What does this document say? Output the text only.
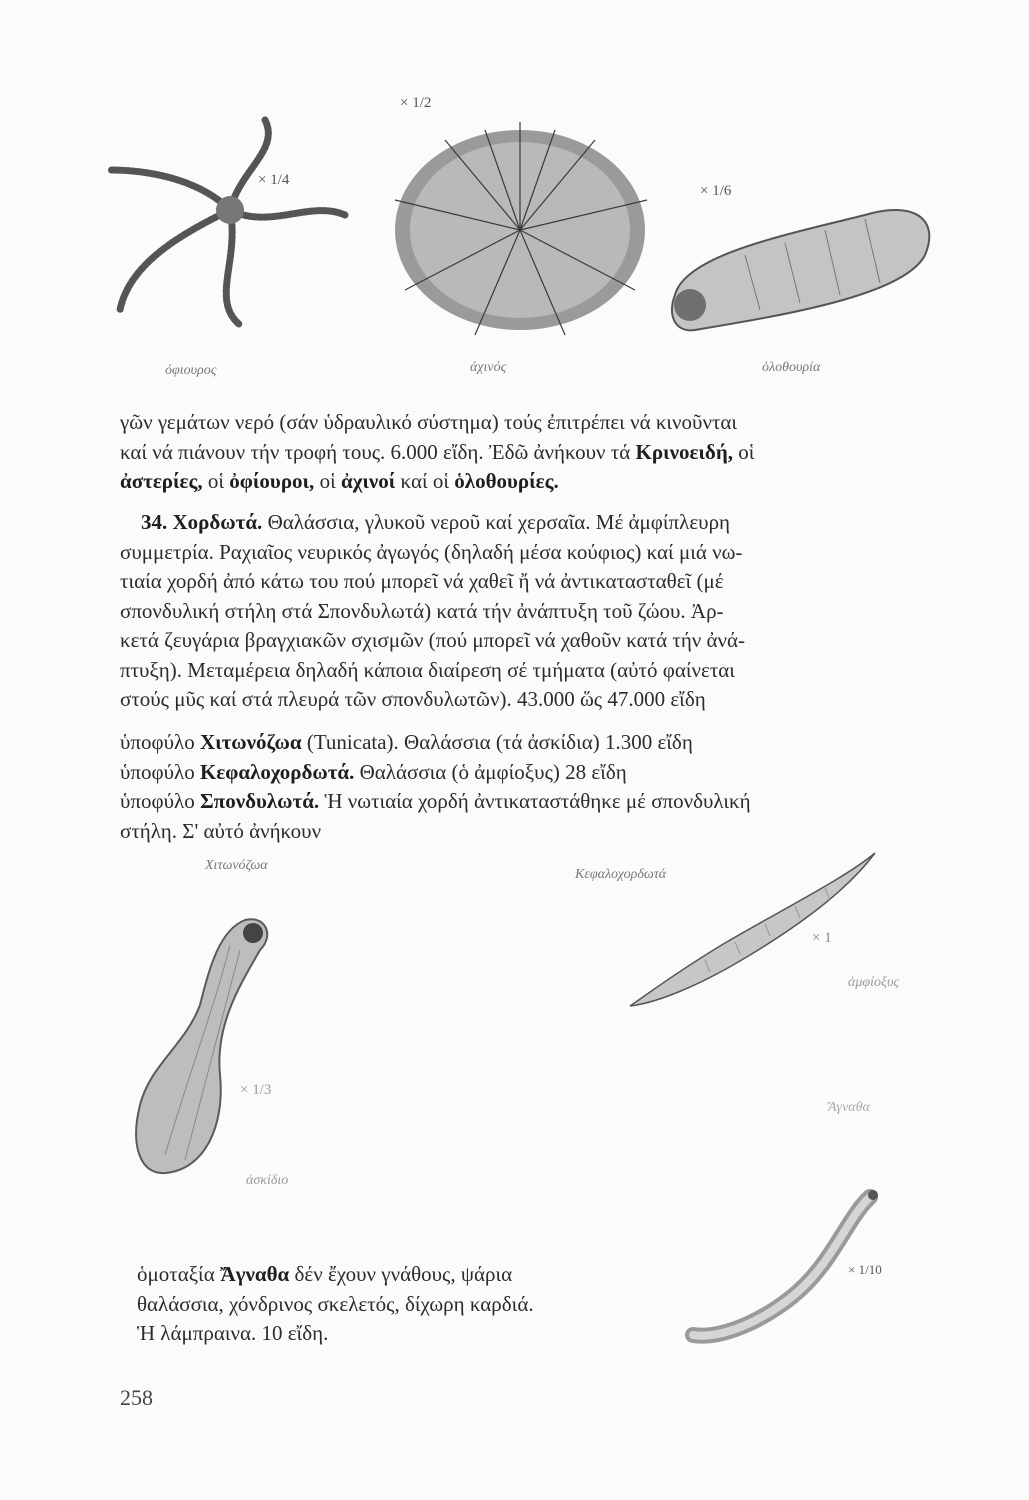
× 1/2
× 1/4
× 1/6
όφιουρος	άχινός	ὁλοθουρία

γῶν γεμάτων νερό (σάν ὑδραυλικό σύστημα) τούς ἐπιτρέπει νά κινοῦνται

καί νά πιάνουν τήν τροφή τους. 6.000 εἴδη. Ἐδῶ ἀνήκουν τά Κρινοειδή, οἱ

ἀστερίες, οἱ ὀφίουροι, οἱ ἀχινοί καί οἱ ὁλοθουρίες.

 34. Χορδωτά. Θαλάσσια, γλυκοῦ νεροῦ καί χερσαῖα. Μέ ἀμφίπλευρη

συμμετρία. Ραχιαῖος νευρικός ἀγωγός (δηλαδή μέσα κούφιος) καί μιά νω-

τιαία χορδή ἀπό κάτω του πού μπορεῖ νά χαθεῖ ἤ νά ἀντικατασταθεῖ (μέ

σπονδυλική στήλη στά Σπονδυλωτά) κατά τήν ἀνάπτυξη τοῦ ζώου. Ἀρ-

κετά ζευγάρια βραγχιακῶν σχισμῶν (πού μπορεῖ νά χαθοῦν κατά τήν ἀνά-

πτυξη). Μεταμέρεια δηλαδή κάποια διαίρεση σέ τμήματα (αὐτό φαίνεται

στούς μῦς καί στά πλευρά τῶν σπονδυλωτῶν). 43.000 ὥς 47.000 εἴδη

ὑποφύλο Χιτωνόζωα (Tunicata). Θαλάσσια (τά ἀσκίδια) 1.300 εἴδη

ὑποφύλο Κεφαλοχορδωτά. Θαλάσσια (ὁ ἀμφίοξυς) 28 εἴδη

ὑποφύλο Σπονδυλωτά. Ἡ νωτιαία χορδή ἀντικαταστάθηκε μέ σπονδυλική

στήλη. Σ' αὐτό ἀνήκουν

Χιτωνόζωα
Κεφαλοχορδωτά
× 1/3
ἀσκίδιο
× 1
ἀμφίοξυς
Ἄγναθα
× 1/10

ὁμοταξία Ἄγναθα δέν ἔχουν γνάθους, ψάρια

θαλάσσια, χόνδρινος σκελετός, δίχωρη καρδιά.

Ἡ λάμπραινα. 10 εἴδη.

258
